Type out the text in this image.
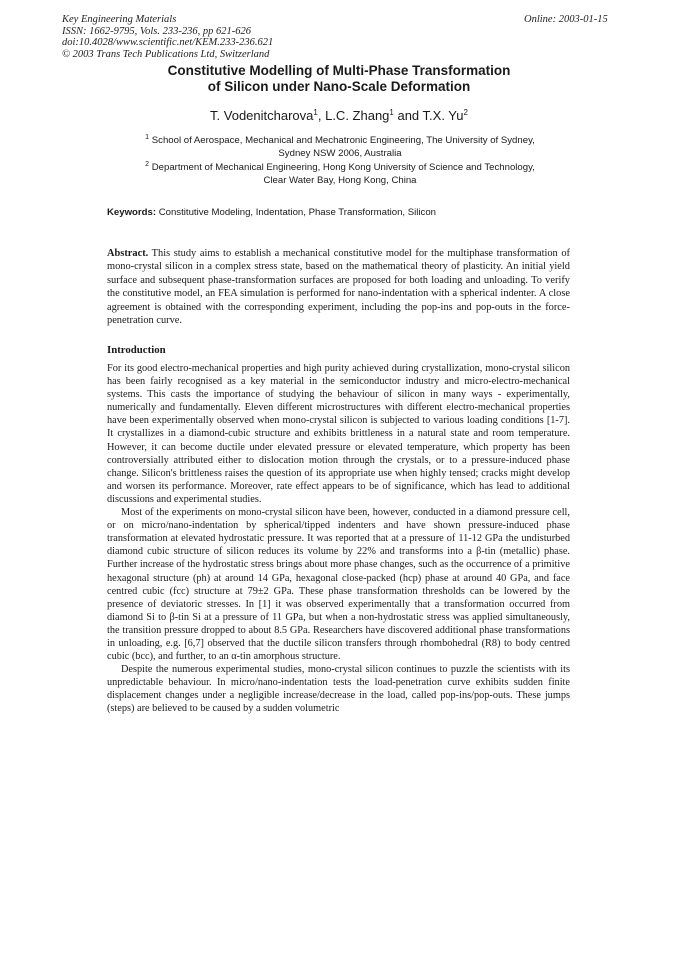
Key Engineering Materials
ISSN: 1662-9795, Vols. 233-236, pp 621-626
doi:10.4028/www.scientific.net/KEM.233-236.621
© 2003 Trans Tech Publications Ltd, Switzerland
Online: 2003-01-15
Constitutive Modelling of Multi-Phase Transformation
of Silicon under Nano-Scale Deformation
T. Vodenitcharova$^1$, L.C. Zhang$^1$ and T.X. Yu$^2$
$^1$ School of Aerospace, Mechanical and Mechatronic Engineering, The University of Sydney,
Sydney NSW 2006, Australia
$^2$ Department of Mechanical Engineering, Hong Kong University of Science and Technology,
Clear Water Bay, Hong Kong, China
Keywords: Constitutive Modeling, Indentation, Phase Transformation, Silicon
Abstract. This study aims to establish a mechanical constitutive model for the multiphase transformation of mono-crystal silicon in a complex stress state, based on the mathematical theory of plasticity. An initial yield surface and subsequent phase-transformation surfaces are proposed for both loading and unloading. To verify the constitutive model, an FEA simulation is performed for nano-indentation with a spherical indenter. A close agreement is obtained with the corresponding experiment, including the pop-ins and pop-outs in the force-penetration curve.
Introduction

For its good electro-mechanical properties and high purity achieved during crystallization, mono-crystal silicon has been fairly recognised as a key material in the semiconductor industry and micro-electro-mechanical systems. This casts the importance of studying the behaviour of silicon in many ways - experimentally, numerically and fundamentally. Eleven different microstructures with different electro-mechanical properties have been experimentally observed when mono-crystal silicon is subjected to various loading conditions [1-7]. It crystallizes in a diamond-cubic structure and exhibits brittleness in a natural state and room temperature. However, it can become ductile under elevated pressure or elevated temperature, which property has been controversially attributed either to dislocation motion through the crystals, or to a pressure-induced phase change. Silicon's brittleness raises the question of its appropriate use when highly tensed; cracks might develop and worsen its performance. Moreover, rate effect appears to be of significance, which has lead to additional discussions and experimental studies.

Most of the experiments on mono-crystal silicon have been, however, conducted in a diamond pressure cell, or on micro/nano-indentation by spherical/tipped indenters and have shown pressure-induced phase transformation at elevated hydrostatic pressure. It was reported that at a pressure of 11-12 GPa the undisturbed diamond cubic structure of silicon reduces its volume by 22% and transforms into a β-tin (metallic) phase. Further increase of the hydrostatic stress brings about more phase changes, such as the occurrence of a primitive hexagonal structure (ph) at around 14 GPa, hexagonal close-packed (hcp) phase at around 40 GPa, and face centred cubic (fcc) structure at 79±2 GPa. These phase transformation thresholds can be lowered by the presence of deviatoric stresses. In [1] it was observed experimentally that a transformation occurred from diamond Si to β-tin Si at a pressure of 11 GPa, but when a non-hydrostatic stress was applied simultaneously, the transition pressure dropped to about 8.5 GPa. Researchers have discovered additional phase transformations in unloading, e.g. [6,7] observed that the ductile silicon transfers through rhombohedral (R8) to body centred cubic (bcc), and further, to an α-tin amorphous structure.

Despite the numerous experimental studies, mono-crystal silicon continues to puzzle the scientists with its unpredictable behaviour. In micro/nano-indentation tests the load-penetration curve exhibits sudden finite displacement changes under a negligible increase/decrease in the load, called pop-ins/pop-outs. These jumps (steps) are believed to be caused by a sudden volumetric
